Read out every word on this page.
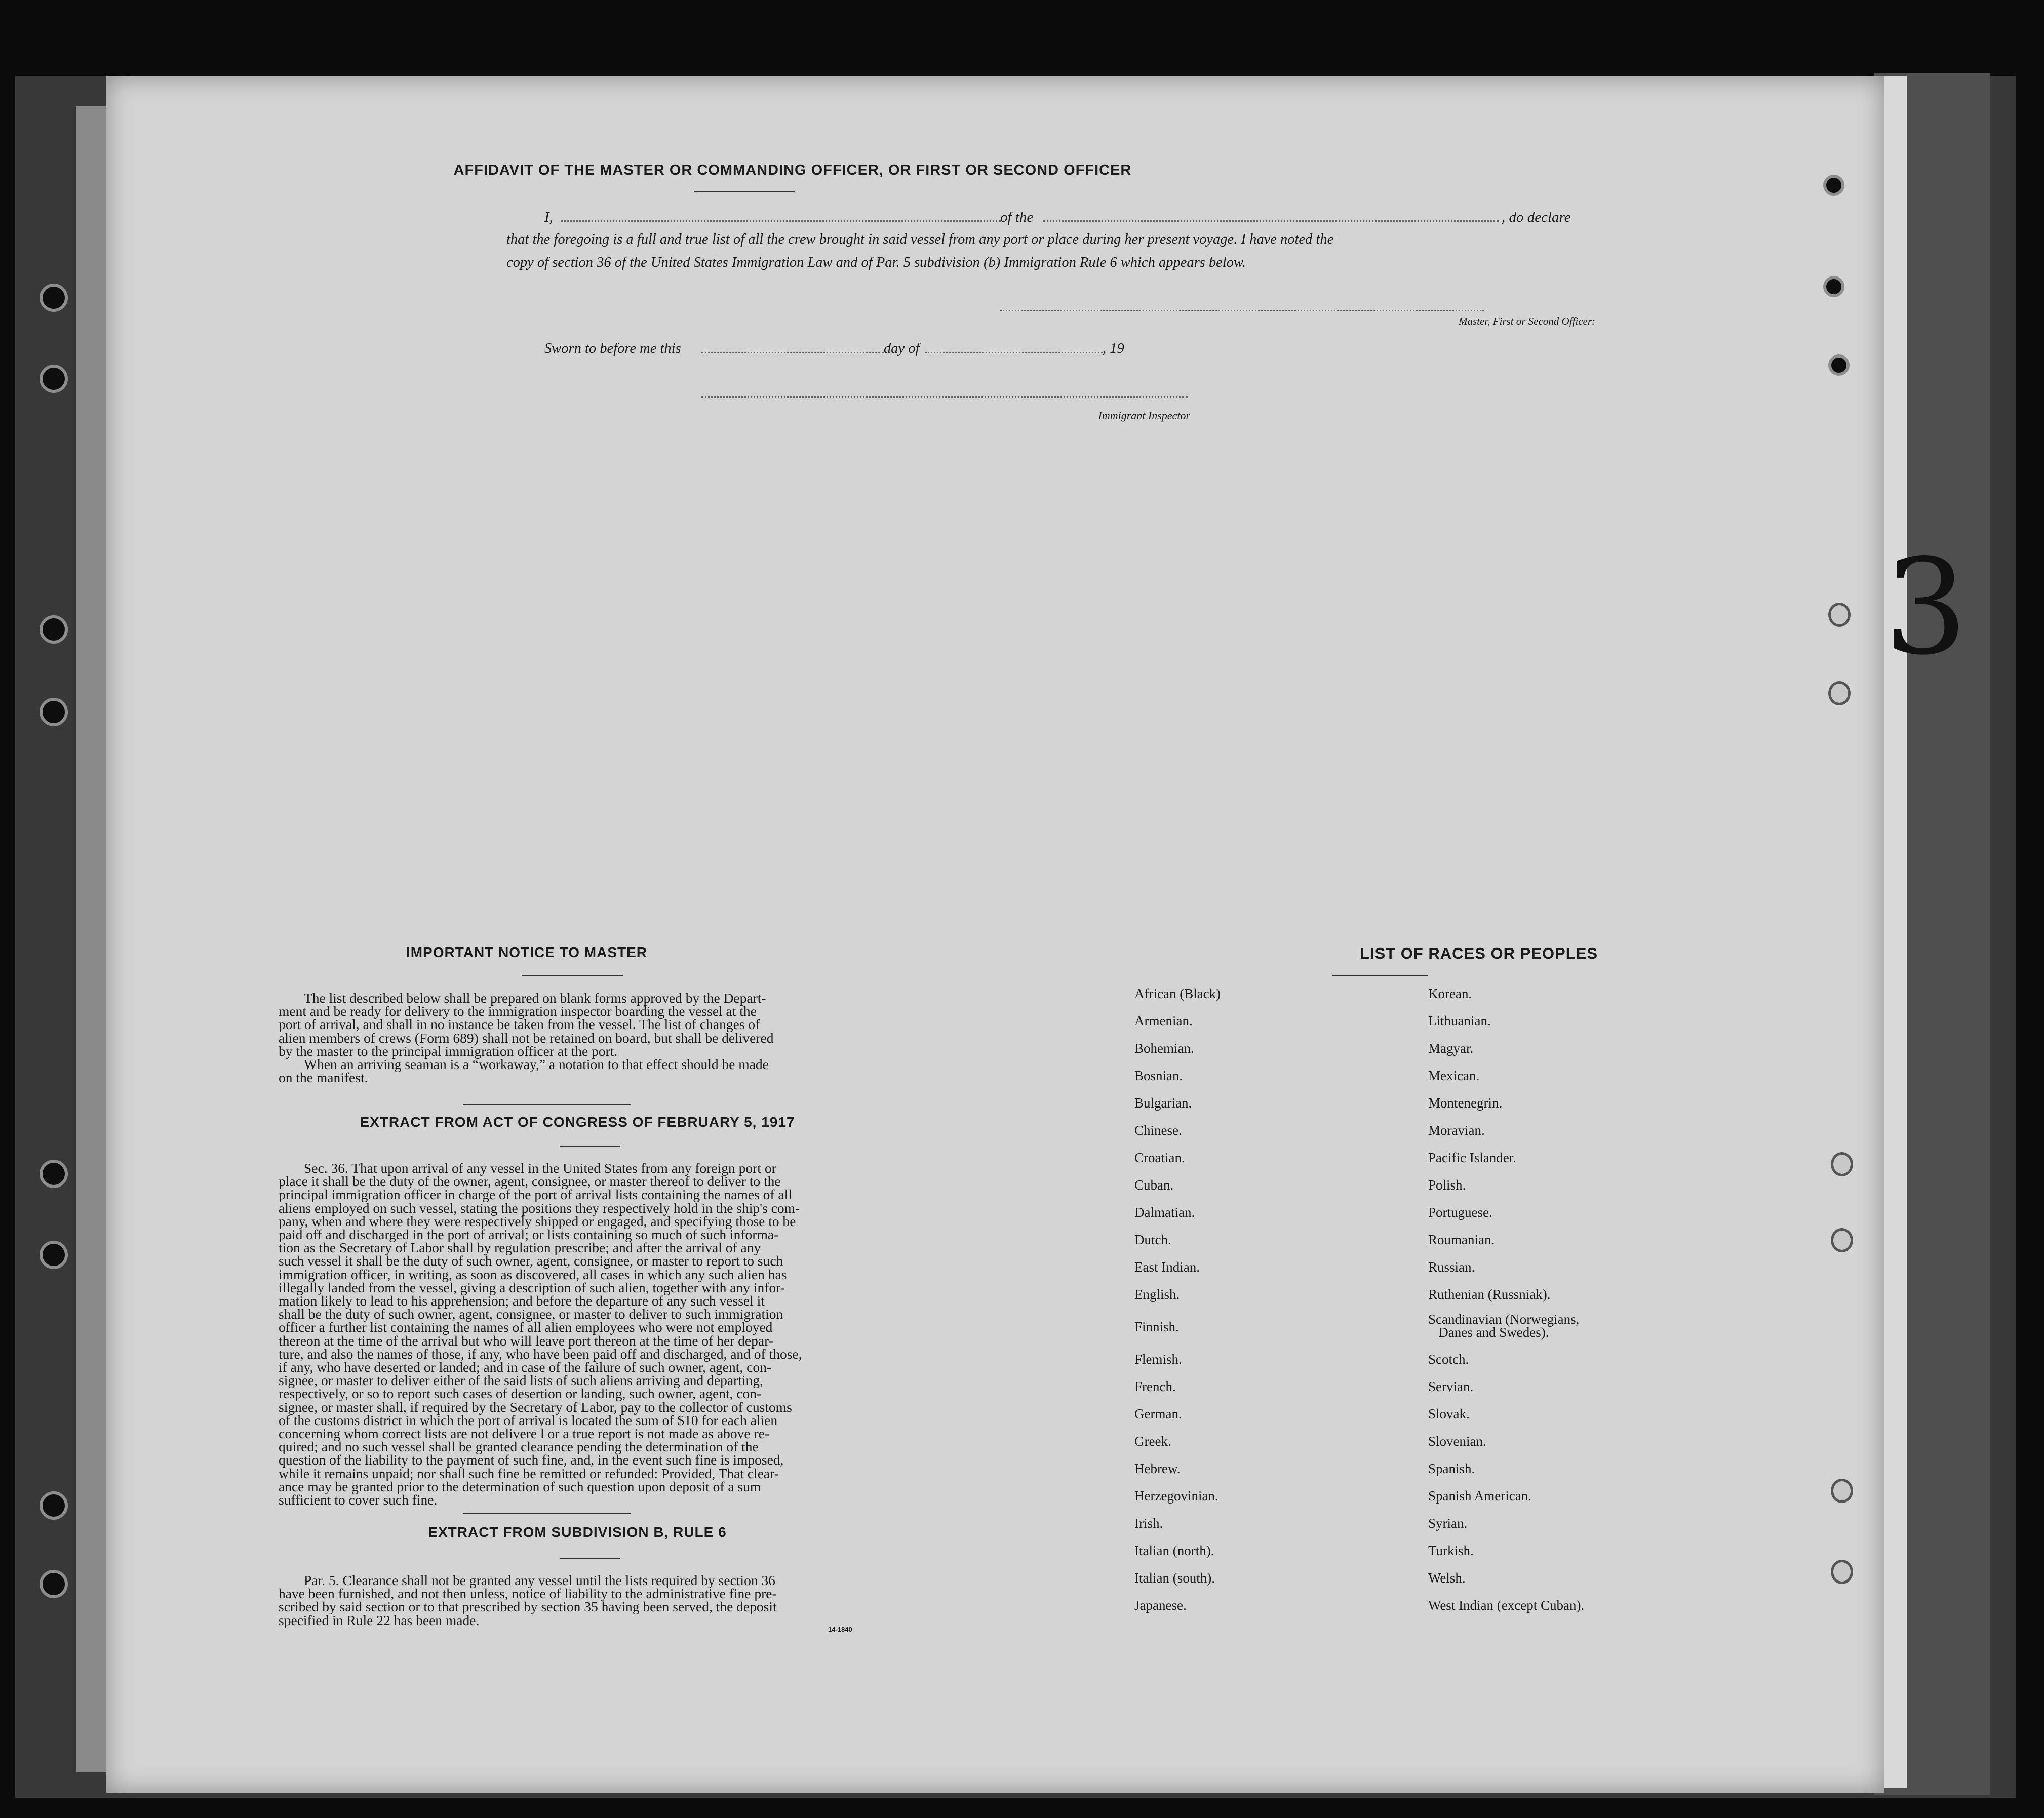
3
AFFIDAVIT OF THE MASTER OR COMMANDING OFFICER, OR FIRST OR SECOND OFFICER
I,	of the	, do declare
that the foregoing is a full and true list of all the crew brought in said vessel from any port or place during her present voyage. I have noted the
copy of section 36 of the United States Immigration Law and of Par. 5 subdivision (b) Immigration Rule 6 which appears below.
Master, First or Second Officer:
Sworn to before me this	day of	, 19
Immigrant Inspector
IMPORTANT NOTICE TO MASTER
The list described below shall be prepared on blank forms approved by the Depart-
ment and be ready for delivery to the immigration inspector boarding the vessel at the
port of arrival, and shall in no instance be taken from the vessel. The list of changes of
alien members of crews (Form 689) shall not be retained on board, but shall be delivered
by the master to the principal immigration officer at the port.
When an arriving seaman is a “workaway,” a notation to that effect should be made
on the manifest.
EXTRACT FROM ACT OF CONGRESS OF FEBRUARY 5, 1917
Sec. 36. That upon arrival of any vessel in the United States from any foreign port or
place it shall be the duty of the owner, agent, consignee, or master thereof to deliver to the
principal immigration officer in charge of the port of arrival lists containing the names of all
aliens employed on such vessel, stating the positions they respectively hold in the ship's com-
pany, when and where they were respectively shipped or engaged, and specifying those to be
paid off and discharged in the port of arrival; or lists containing so much of such informa-
tion as the Secretary of Labor shall by regulation prescribe; and after the arrival of any
such vessel it shall be the duty of such owner, agent, consignee, or master to report to such
immigration officer, in writing, as soon as discovered, all cases in which any such alien has
illegally landed from the vessel, giving a description of such alien, together with any infor-
mation likely to lead to his apprehension; and before the departure of any such vessel it
shall be the duty of such owner, agent, consignee, or master to deliver to such immigration
officer a further list containing the names of all alien employees who were not employed
thereon at the time of the arrival but who will leave port thereon at the time of her depar-
ture, and also the names of those, if any, who have been paid off and discharged, and of those,
if any, who have deserted or landed; and in case of the failure of such owner, agent, con-
signee, or master to deliver either of the said lists of such aliens arriving and departing,
respectively, or so to report such cases of desertion or landing, such owner, agent, con-
signee, or master shall, if required by the Secretary of Labor, pay to the collector of customs
of the customs district in which the port of arrival is located the sum of $10 for each alien
concerning whom correct lists are not delivere l or a true report is not made as above re-
quired; and no such vessel shall be granted clearance pending the determination of the
question of the liability to the payment of such fine, and, in the event such fine is imposed,
while it remains unpaid; nor shall such fine be remitted or refunded: Provided, That clear-
ance may be granted prior to the determination of such question upon deposit of a sum
sufficient to cover such fine.
EXTRACT FROM SUBDIVISION B, RULE 6
Par. 5. Clearance shall not be granted any vessel until the lists required by section 36
have been furnished, and not then unless, notice of liability to the administrative fine pre-
scribed by said section or to that prescribed by section 35 having been served, the deposit
specified in Rule 22 has been made.
14-1840
LIST OF RACES OR PEOPLES
African (Black)
Armenian.
Bohemian.
Bosnian.
Bulgarian.
Chinese.
Croatian.
Cuban.
Dalmatian.
Dutch.
East Indian.
English.
Finnish.
Flemish.
French.
German.
Greek.
Hebrew.
Herzegovinian.
Irish.
Italian (north).
Italian (south).
Japanese.
Korean.
Lithuanian.
Magyar.
Mexican.
Montenegrin.
Moravian.
Pacific Islander.
Polish.
Portuguese.
Roumanian.
Russian.
Ruthenian (Russniak).
Scandinavian (Norwegians,
Danes and Swedes).
Scotch.
Servian.
Slovak.
Slovenian.
Spanish.
Spanish American.
Syrian.
Turkish.
Welsh.
West Indian (except Cuban).
